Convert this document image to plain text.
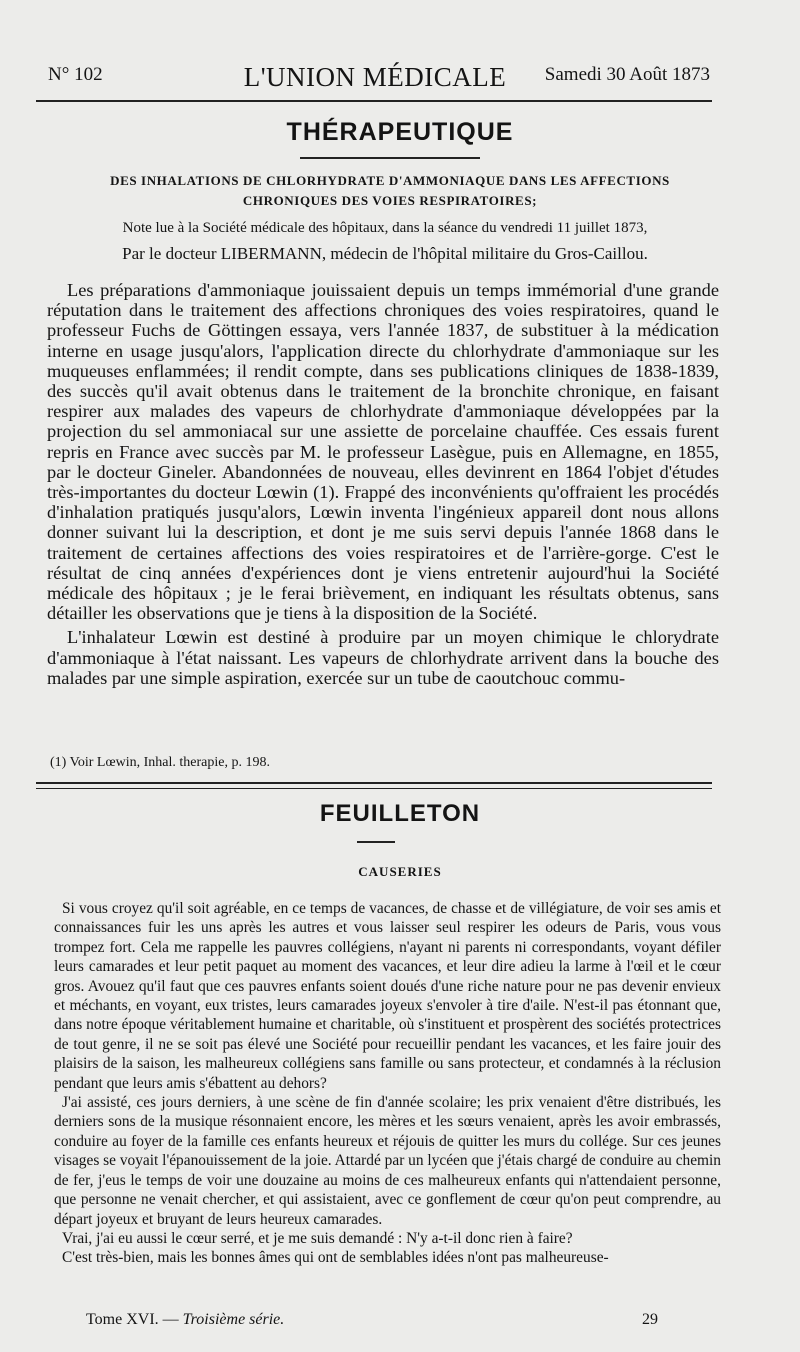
N° 102	L'UNION MÉDICALE	Samedi 30 Août 1873
THÉRAPEUTIQUE
DES INHALATIONS DE CHLORHYDRATE D'AMMONIAQUE DANS LES AFFECTIONS
CHRONIQUES DES VOIES RESPIRATOIRES;
Note lue à la Société médicale des hôpitaux, dans la séance du vendredi 11 juillet 1873,
Par le docteur LIBERMANN, médecin de l'hôpital militaire du Gros-Caillou.

Les préparations d'ammoniaque jouissaient depuis un temps immémorial d'une grande réputation dans le traitement des affections chroniques des voies respiratoires, quand le professeur Fuchs de Göttingen essaya, vers l'année 1837, de substituer à la médication interne en usage jusqu'alors, l'application directe du chlorhydrate d'ammoniaque sur les muqueuses enflammées; il rendit compte, dans ses publications cliniques de 1838-1839, des succès qu'il avait obtenus dans le traitement de la bronchite chronique, en faisant respirer aux malades des vapeurs de chlorhydrate d'ammoniaque développées par la projection du sel ammoniacal sur une assiette de porcelaine chauffée. Ces essais furent repris en France avec succès par M. le professeur Lasègue, puis en Allemagne, en 1855, par le docteur Gineler. Abandonnées de nouveau, elles devinrent en 1864 l'objet d'études très-importantes du docteur Lœwin (1). Frappé des inconvénients qu'offraient les procédés d'inhalation pratiqués jusqu'alors, Lœwin inventa l'ingénieux appareil dont nous allons donner suivant lui la description, et dont je me suis servi depuis l'année 1868 dans le traitement de certaines affections des voies respiratoires et de l'arrière-gorge. C'est le résultat de cinq années d'expériences dont je viens entretenir aujourd'hui la Société médicale des hôpitaux ; je le ferai brièvement, en indiquant les résultats obtenus, sans détailler les observations que je tiens à la disposition de la Société.

L'inhalateur Lœwin est destiné à produire par un moyen chimique le chlorydrate d'ammoniaque à l'état naissant. Les vapeurs de chlorhydrate arrivent dans la bouche des malades par une simple aspiration, exercée sur un tube de caoutchouc commu-

(1) Voir Lœwin, Inhal. therapie, p. 198.
FEUILLETON
CAUSERIES

Si vous croyez qu'il soit agréable, en ce temps de vacances, de chasse et de villégiature, de voir ses amis et connaissances fuir les uns après les autres et vous laisser seul respirer les odeurs de Paris, vous vous trompez fort. Cela me rappelle les pauvres collégiens, n'ayant ni parents ni correspondants, voyant défiler leurs camarades et leur petit paquet au moment des vacances, et leur dire adieu la larme à l'œil et le cœur gros. Avouez qu'il faut que ces pauvres enfants soient doués d'une riche nature pour ne pas devenir envieux et méchants, en voyant, eux tristes, leurs camarades joyeux s'envoler à tire d'aile. N'est-il pas étonnant que, dans notre époque véritablement humaine et charitable, où s'instituent et prospèrent des sociétés protectrices de tout genre, il ne se soit pas élevé une Société pour recueillir pendant les vacances, et les faire jouir des plaisirs de la saison, les malheureux collégiens sans famille ou sans protecteur, et condamnés à la réclusion pendant que leurs amis s'ébattent au dehors?

J'ai assisté, ces jours derniers, à une scène de fin d'année scolaire; les prix venaient d'être distribués, les derniers sons de la musique résonnaient encore, les mères et les sœurs venaient, après les avoir embrassés, conduire au foyer de la famille ces enfants heureux et réjouis de quitter les murs du collége. Sur ces jeunes visages se voyait l'épanouissement de la joie. Attardé par un lycéen que j'étais chargé de conduire au chemin de fer, j'eus le temps de voir une douzaine au moins de ces malheureux enfants qui n'attendaient personne, que personne ne venait chercher, et qui assistaient, avec ce gonflement de cœur qu'on peut comprendre, au départ joyeux et bruyant de leurs heureux camarades.

Vrai, j'ai eu aussi le cœur serré, et je me suis demandé : N'y a-t-il donc rien à faire?

C'est très-bien, mais les bonnes âmes qui ont de semblables idées n'ont pas malheureuse-

Tome XVI. — Troisième série.	29
